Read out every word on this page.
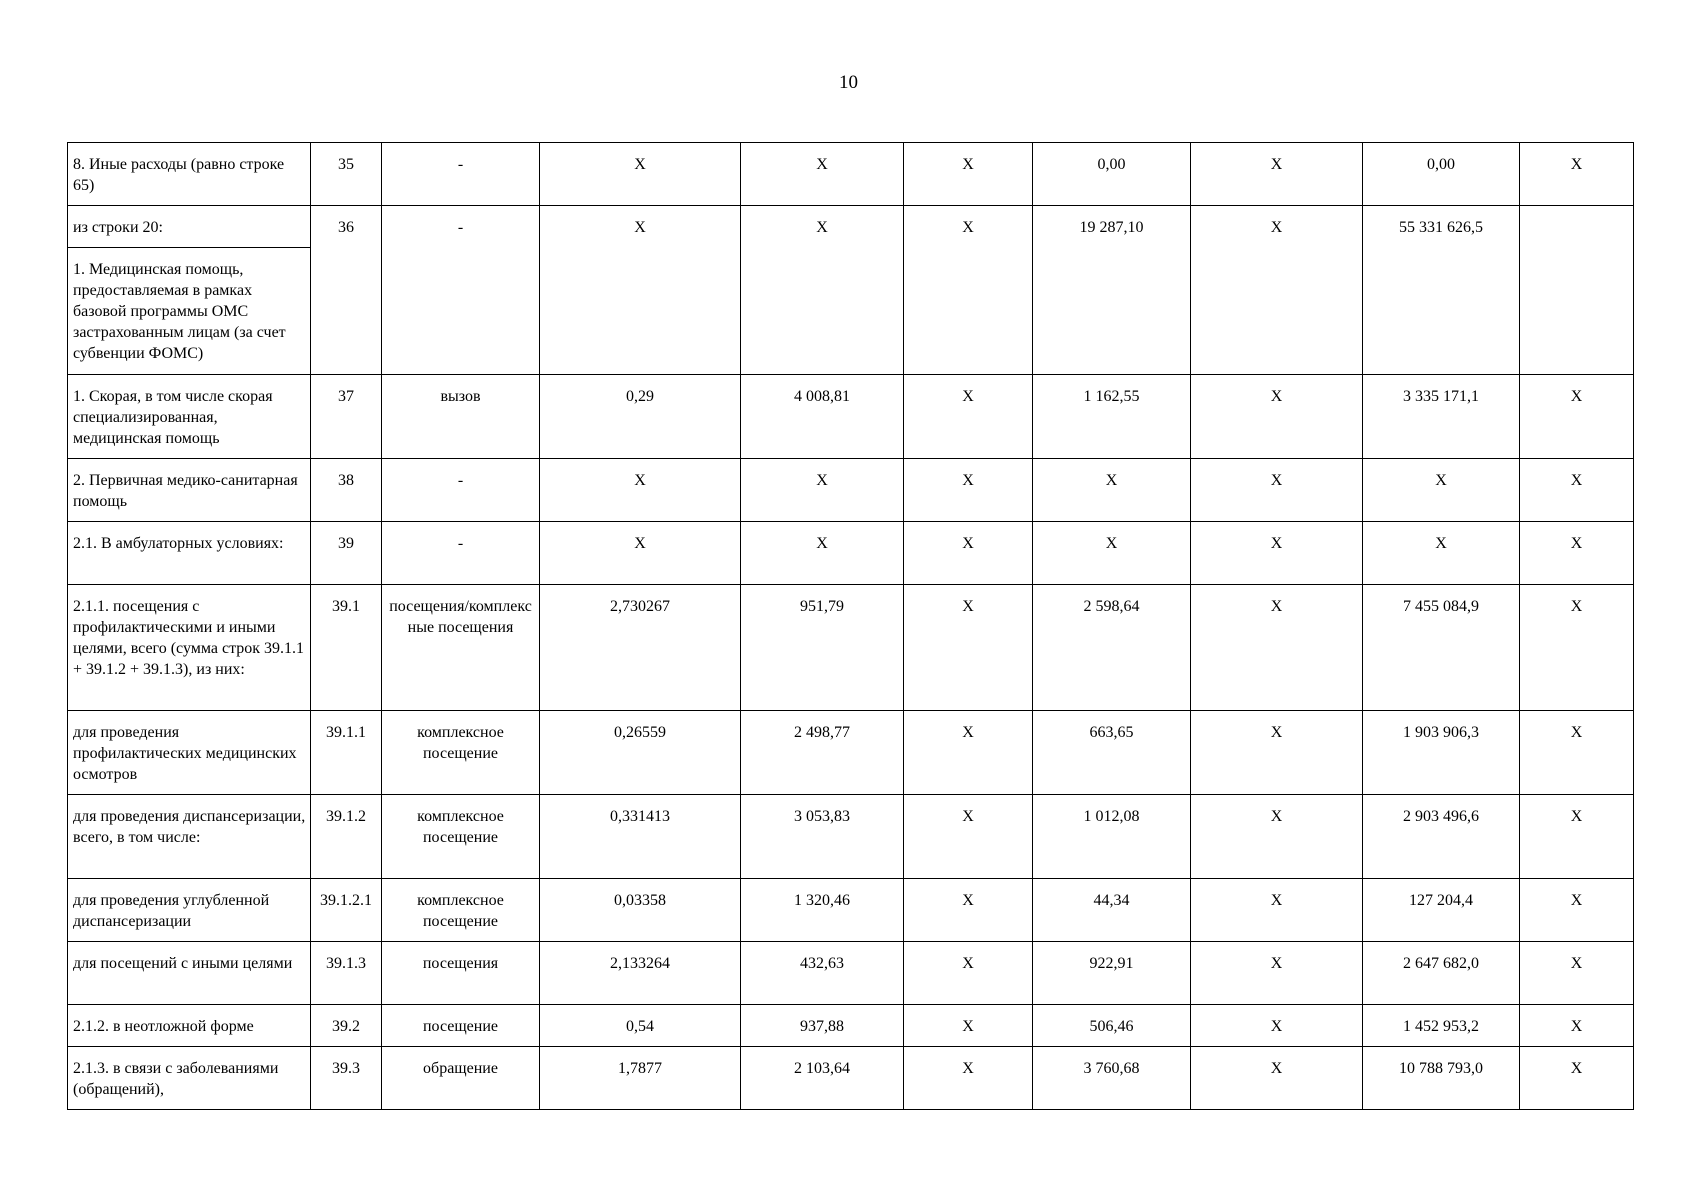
10
8. Иные расходы (равно строке 65)	35	-	X	X	X	0,00	X	0,00	X
из строки 20:	36	-	X	X	X	19 287,10	X	55 331 626,5	
1. Медицинская помощь, предоставляемая в рамках базовой программы ОМС застрахованным лицам (за счет субвенции ФОМС)									
1. Скорая, в том числе скорая специализированная, медицинская помощь	37	вызов	0,29	4 008,81	X	1 162,55	X	3 335 171,1	X
2. Первичная медико-санитарная помощь	38	-	X	X	X	X	X	X	X
2.1. В амбулаторных условиях:	39	-	X	X	X	X	X	X	X
2.1.1. посещения с профилактическими и иными целями, всего (сумма строк 39.1.1 + 39.1.2 + 39.1.3), из них:	39.1	посещения/комплексные посещения	2,730267	951,79	X	2 598,64	X	7 455 084,9	X
для проведения профилактических медицинских осмотров	39.1.1	комплексное посещение	0,26559	2 498,77	X	663,65	X	1 903 906,3	X
для проведения диспансеризации, всего, в том числе:	39.1.2	комплексное посещение	0,331413	3 053,83	X	1 012,08	X	2 903 496,6	X
для проведения углубленной диспансеризации	39.1.2.1	комплексное посещение	0,03358	1 320,46	X	44,34	X	127 204,4	X
для посещений с иными целями	39.1.3	посещения	2,133264	432,63	X	922,91	X	2 647 682,0	X
2.1.2. в неотложной форме	39.2	посещение	0,54	937,88	X	506,46	X	1 452 953,2	X
2.1.3. в связи с заболеваниями (обращений),	39.3	обращение	1,7877	2 103,64	X	3 760,68	X	10 788 793,0	X
